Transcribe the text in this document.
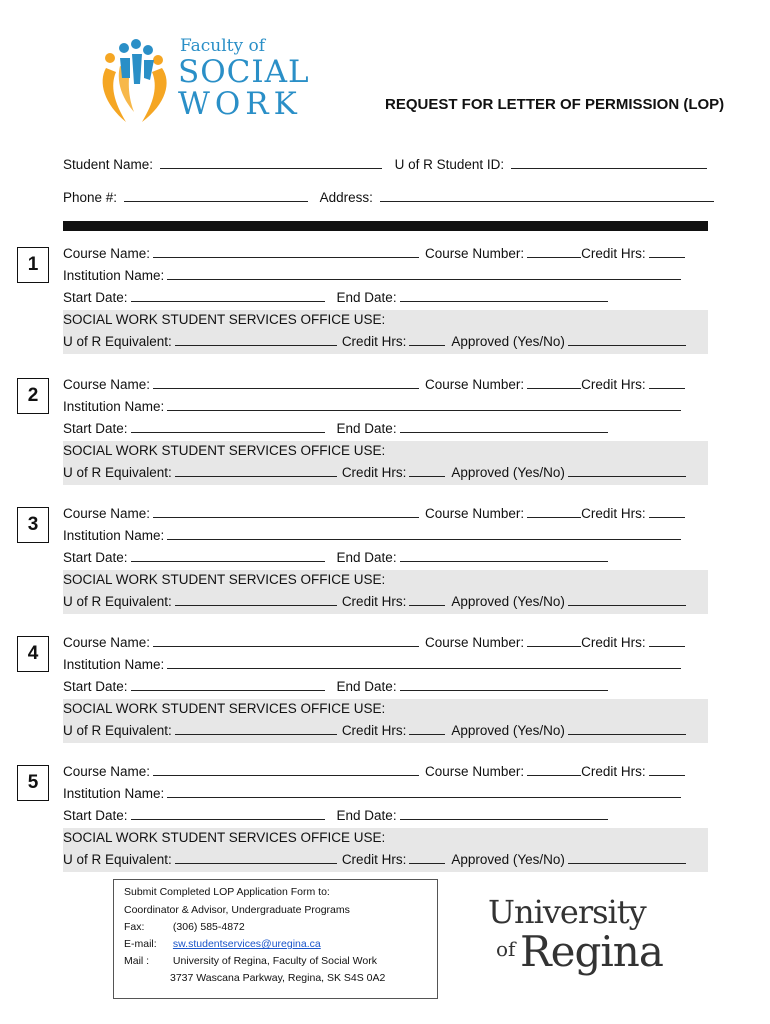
Faculty of
SOCIAL
WORK	REQUEST FOR LETTER OF PERMISSION (LOP)
Student Name:	U of R Student ID:
Phone #:	Address:
1
Course Name:	Course Number:	Credit Hrs:
Institution Name:
Start Date:	End Date:
SOCIAL WORK STUDENT SERVICES OFFICE USE:
U of R Equivalent:	Credit Hrs:	Approved (Yes/No)
2
Course Name:	Course Number:	Credit Hrs:
Institution Name:
Start Date:	End Date:
SOCIAL WORK STUDENT SERVICES OFFICE USE:
U of R Equivalent:	Credit Hrs:	Approved (Yes/No)
3
Course Name:	Course Number:	Credit Hrs:
Institution Name:
Start Date:	End Date:
SOCIAL WORK STUDENT SERVICES OFFICE USE:
U of R Equivalent:	Credit Hrs:	Approved (Yes/No)
4
Course Name:	Course Number:	Credit Hrs:
Institution Name:
Start Date:	End Date:
SOCIAL WORK STUDENT SERVICES OFFICE USE:
U of R Equivalent:	Credit Hrs:	Approved (Yes/No)
5
Course Name:	Course Number:	Credit Hrs:
Institution Name:
Start Date:	End Date:
SOCIAL WORK STUDENT SERVICES OFFICE USE:
U of R Equivalent:	Credit Hrs:	Approved (Yes/No)
Submit Completed LOP Application Form to:
Coordinator & Advisor, Undergraduate Programs
Fax:	(306) 585-4872
E-mail: sw.studentservices@uregina.ca
Mail : University of Regina, Faculty of Social Work
3737 Wascana Parkway, Regina, SK S4S 0A2
University
of Regina
